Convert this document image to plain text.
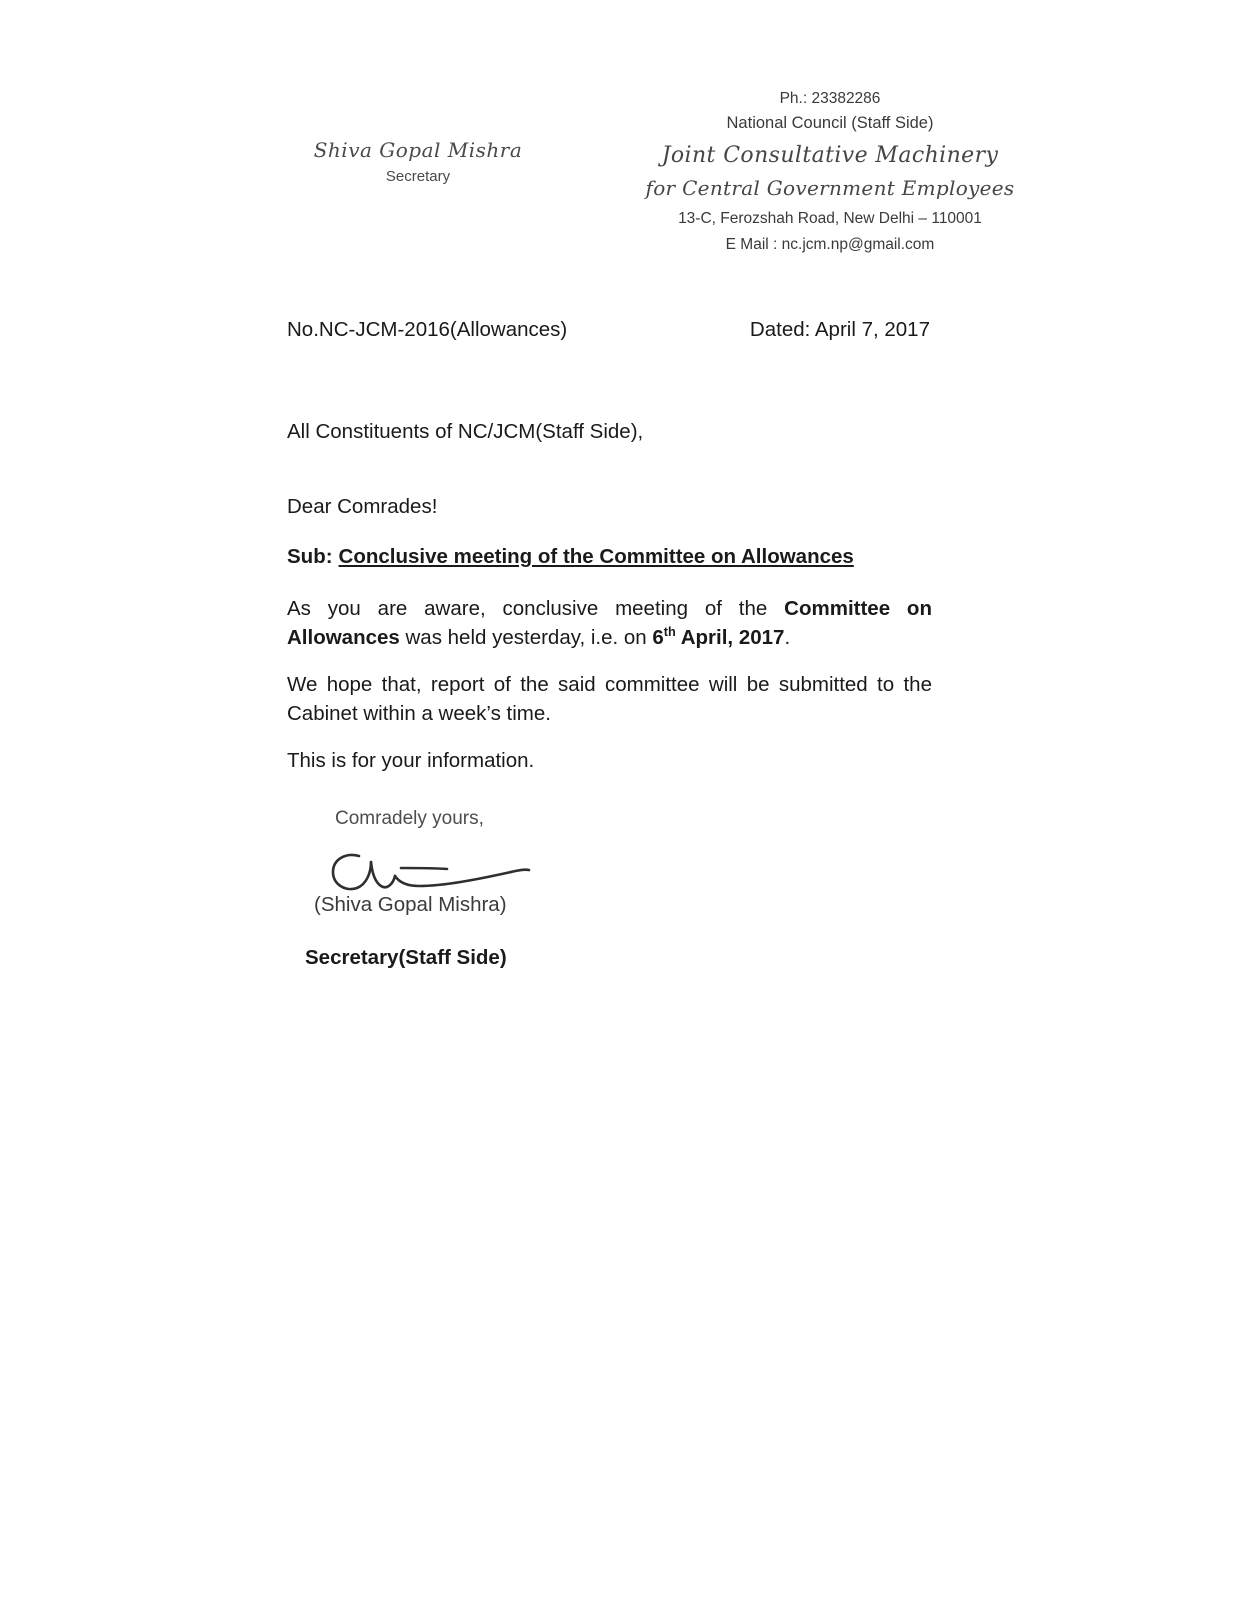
Shiva Gopal Mishra
Secretary
Ph.: 23382286
National Council (Staff Side)
Joint Consultative Machinery
for Central Government Employees
13-C, Ferozshah Road, New Delhi – 110001
E Mail : nc.jcm.np@gmail.com
No.NC-JCM-2016(Allowances)	Dated: April 7, 2017
All Constituents of NC/JCM(Staff Side),
Dear Comrades!
Sub: Conclusive meeting of the Committee on Allowances
As you are aware, conclusive meeting of the Committee on Allowances was held yesterday, i.e. on 6th April, 2017.
We hope that, report of the said committee will be submitted to the Cabinet within a week’s time.
This is for your information.
Comradely yours,
(Shiva Gopal Mishra)
Secretary(Staff Side)
